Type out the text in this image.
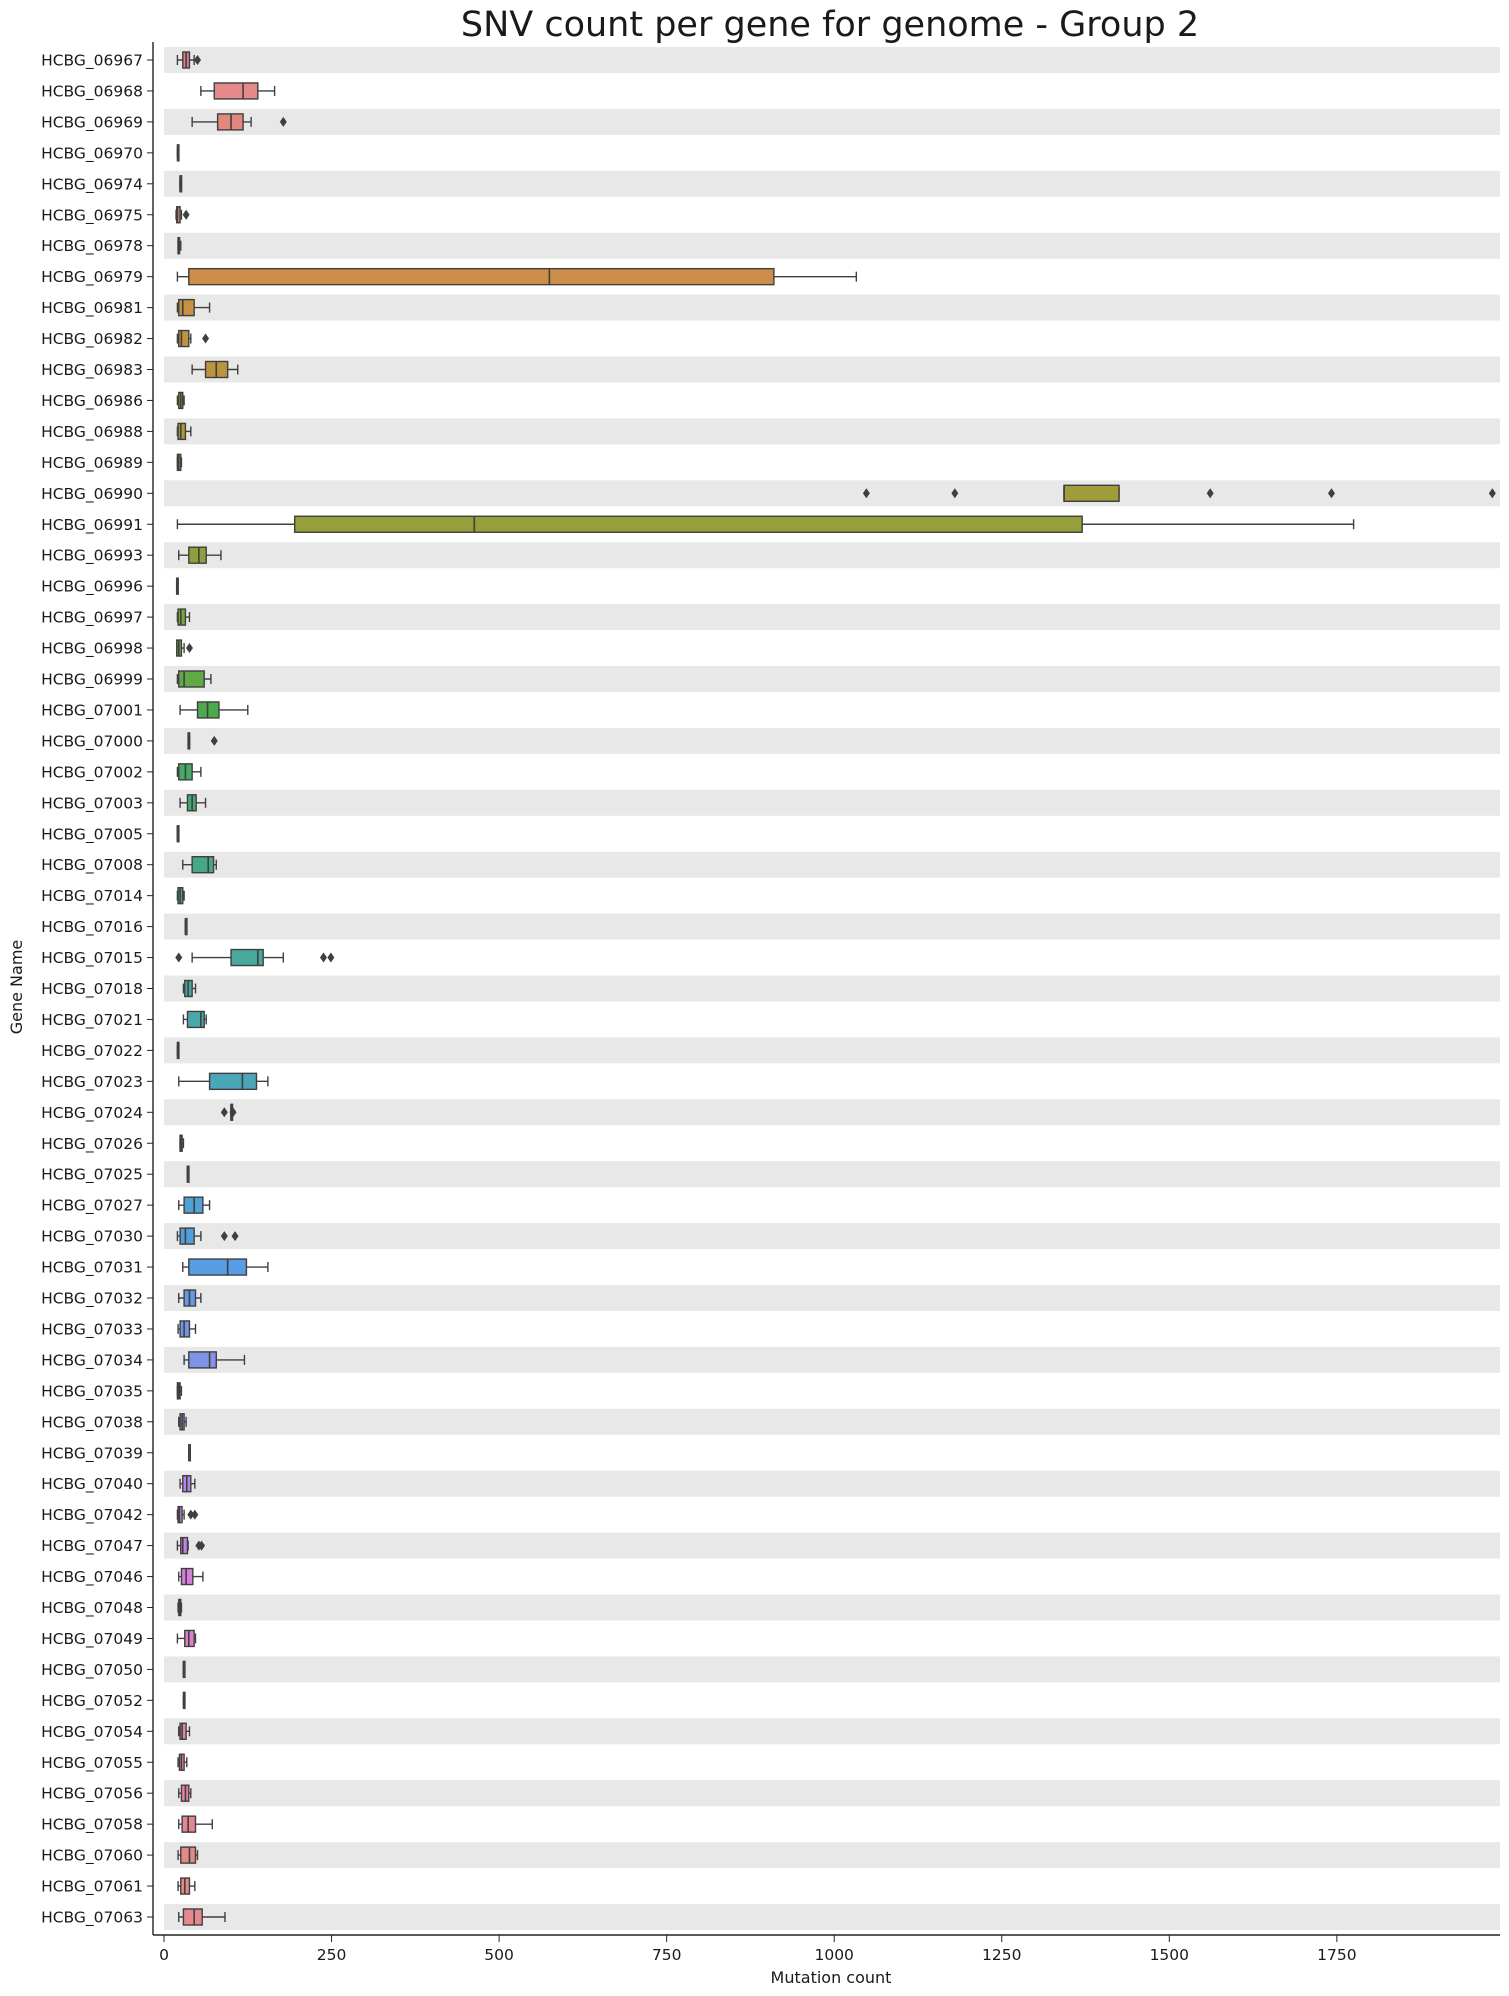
SNV count per gene for genome - Group 2
HCBG_06967
HCBG_06968
HCBG_06969
HCBG_06970
HCBG_06974
HCBG_06975
HCBG_06978
HCBG_06979
HCBG_06981
HCBG_06982
HCBG_06983
HCBG_06986
HCBG_06988
HCBG_06989
HCBG_06990
HCBG_06991
HCBG_06993
HCBG_06996
HCBG_06997
HCBG_06998
HCBG_06999
HCBG_07001
HCBG_07000
HCBG_07002
HCBG_07003
HCBG_07005
HCBG_07008
HCBG_07014
HCBG_07016
HCBG_07015
HCBG_07018
HCBG_07021
HCBG_07022
HCBG_07023
HCBG_07024
HCBG_07026
HCBG_07025
HCBG_07027
HCBG_07030
HCBG_07031
HCBG_07032
HCBG_07033
HCBG_07034
HCBG_07035
HCBG_07038
HCBG_07039
HCBG_07040
HCBG_07042
HCBG_07047
HCBG_07046
HCBG_07048
HCBG_07049
HCBG_07050
HCBG_07052
HCBG_07054
HCBG_07055
HCBG_07056
HCBG_07058
HCBG_07060
HCBG_07061
HCBG_07063
0	250	500	750	1000	1250	1500	1750
Mutation count
Gene Name
